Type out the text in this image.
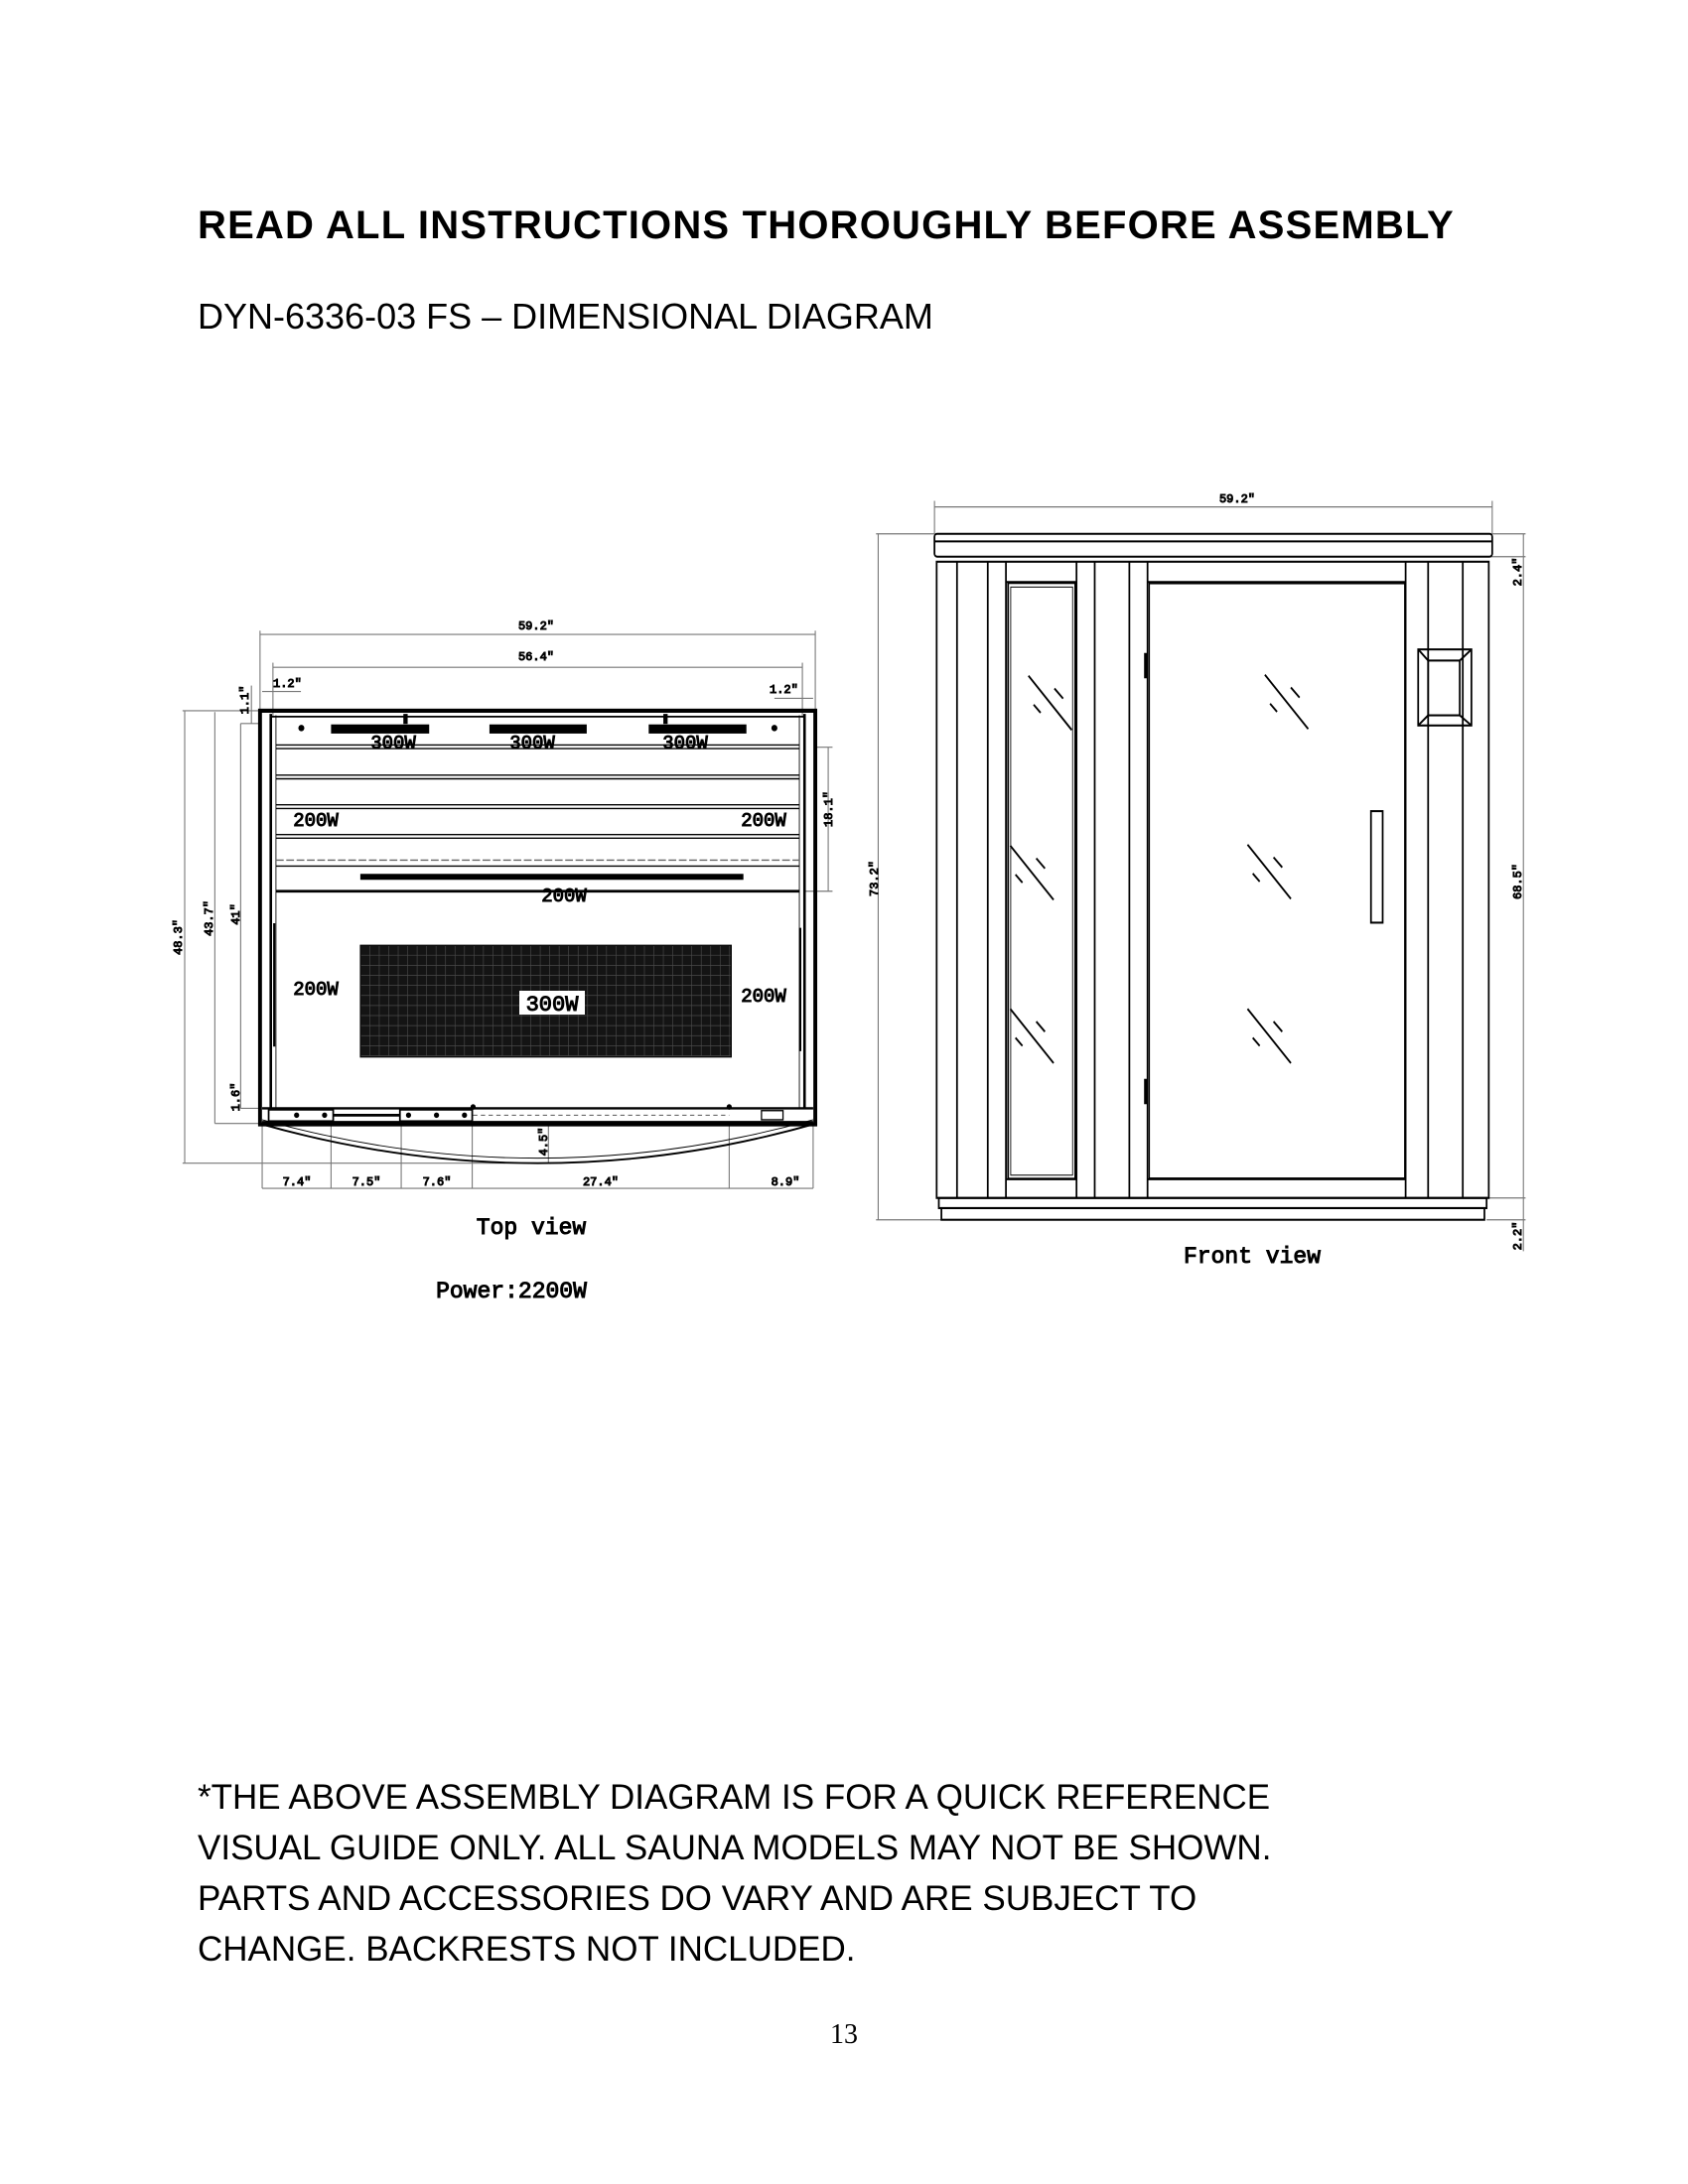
READ ALL INSTRUCTIONS THOROUGHLY BEFORE ASSEMBLY
DYN-6336-03 FS – DIMENSIONAL DIAGRAM
59.2″
56.4″
1.2″	1.2″
1.1″
48.3″
43.7″ 41″
1.6″
18.1″
4.5″
7.4″	7.5″	7.6″	27.4″	8.9″
300W	300W	300W
200W	200W
200W
200W	200W
300W
Top view
Power:2200W
59.2″
73.2″
2.4″
68.5″
2.2″
Front view
*THE ABOVE ASSEMBLY DIAGRAM IS FOR A QUICK REFERENCE
VISUAL GUIDE ONLY. ALL SAUNA MODELS MAY NOT BE SHOWN.
PARTS AND ACCESSORIES DO VARY AND ARE SUBJECT TO
CHANGE. BACKRESTS NOT INCLUDED.
13
